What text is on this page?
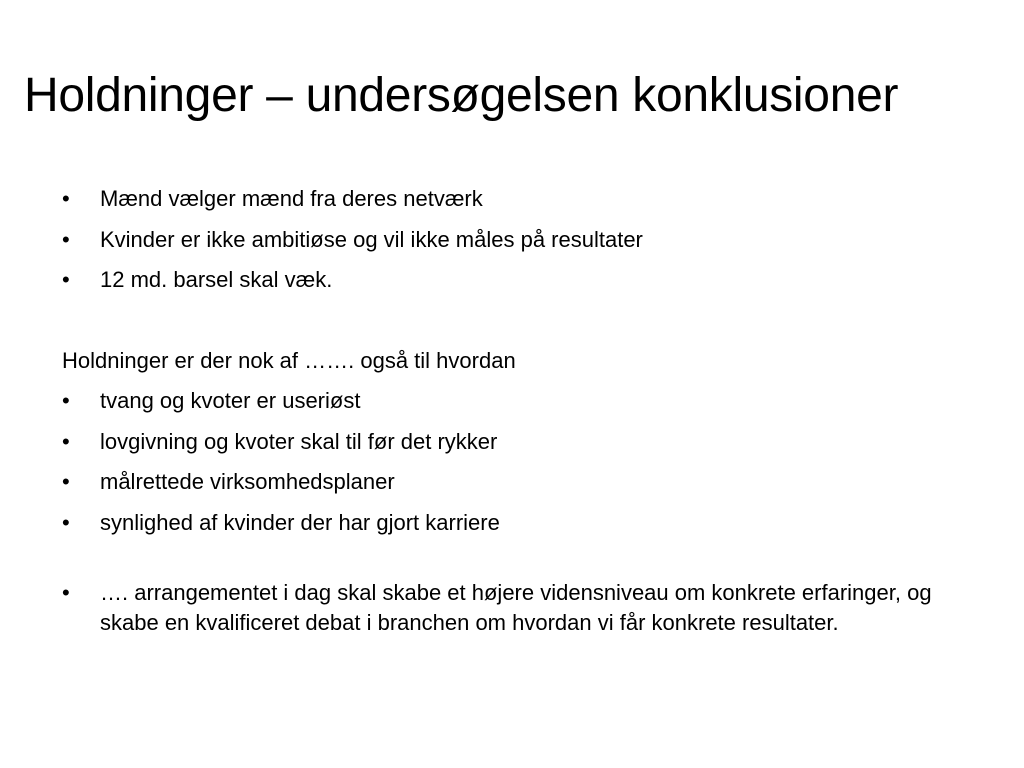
Holdninger – undersøgelsen konklusioner
• Mænd vælger mænd fra deres netværk
• Kvinder er ikke ambitiøse og vil ikke måles på resultater
• 12 md. barsel skal væk.

Holdninger er der nok af ……. også til hvordan

• tvang og kvoter er useriøst
• lovgivning og kvoter skal til før det rykker
• målrettede virksomhedsplaner
• synlighed af kvinder der har gjort karriere
• …. arrangementet i dag skal skabe et højere vidensniveau om konkrete erfaringer, og skabe en kvalificeret debat i branchen om hvordan vi får konkrete resultater.
